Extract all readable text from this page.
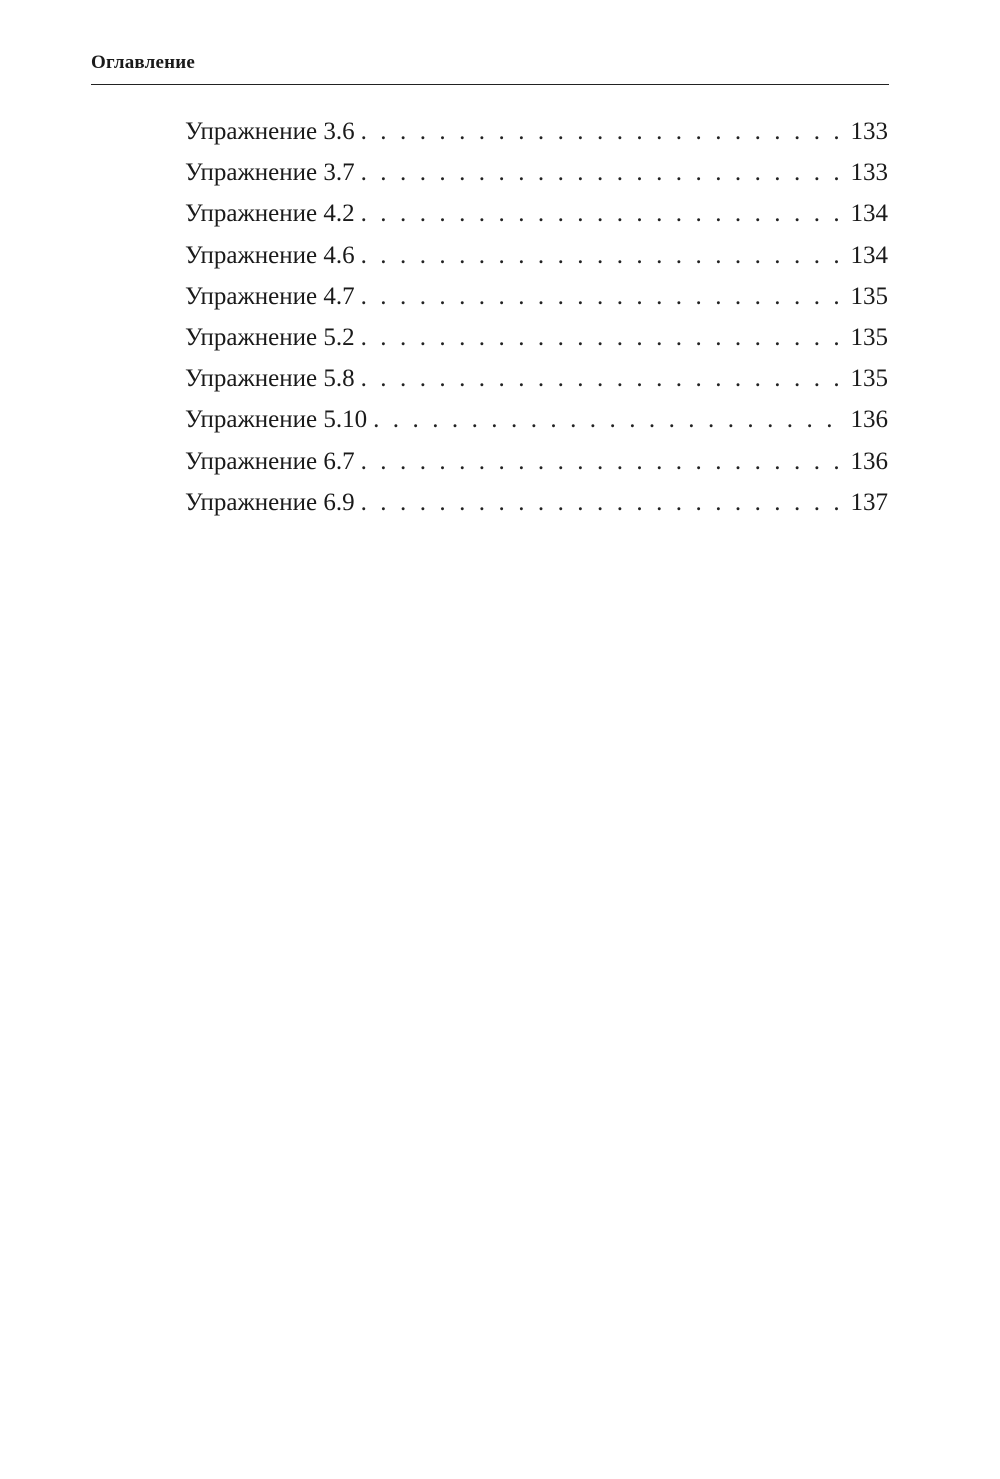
Оглавление
Упражнение 3.6 . . .	133
Упражнение 3.7 . . .	133
Упражнение 4.2 . . .	134
Упражнение 4.6 . . .	134
Упражнение 4.7 . . .	135
Упражнение 5.2 . . .	135
Упражнение 5.8 . . .	135
Упражнение 5.10 . . .	136
Упражнение 6.7 . . .	136
Упражнение 6.9 . . .	137
